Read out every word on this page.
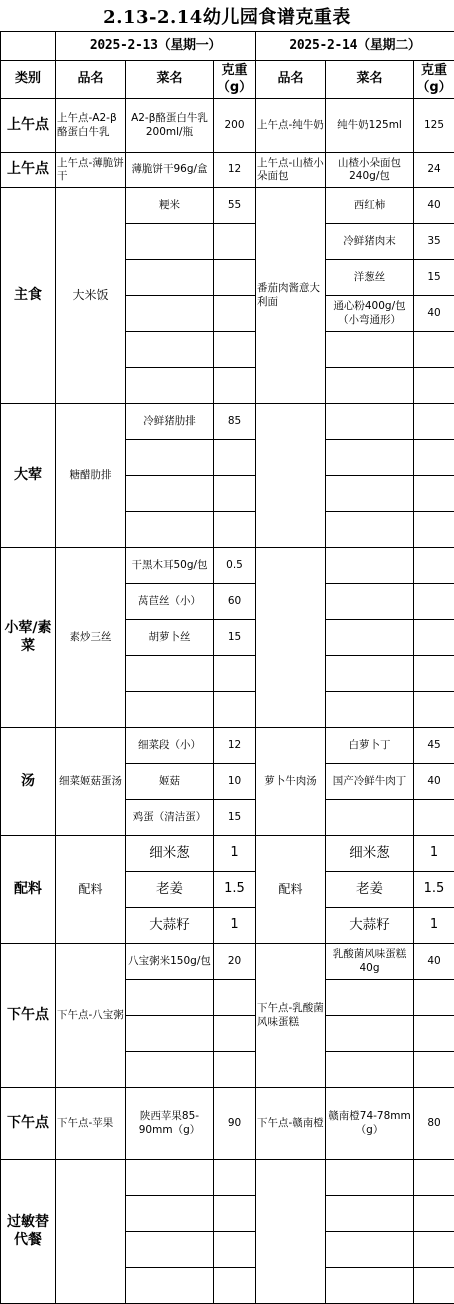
2.13-2.14幼儿园食谱克重表
	2025-2-13（星期一）			2025-2-14（星期二）		
类别	品名	菜名	克重（g）	品名	菜名	克重（g）
上午点	上午点-A2-β酪蛋白牛乳	A2-β酪蛋白牛乳200ml/瓶	200	上午点-纯牛奶	纯牛奶125ml	125
上午点	上午点-薄脆饼干	薄脆饼干96g/盒	12	上午点-山楂小朵面包	山楂小朵面包240g/包	24
主食	大米饭	粳米	55	番茄肉酱意大利面	西红柿	40
					冷鲜猪肉末	35
					洋葱丝	15
					通心粉400g/包（小弯通形）	40

大荤	糖醋肋排	冷鲜猪肋排	85			

小荤/素菜	素炒三丝	干黑木耳50g/包	0.5			
		莴苣丝（小）	60			
		胡萝卜丝	15			

汤	细菜姬菇蛋汤	细菜段（小）	12	萝卜牛肉汤	白萝卜丁	45
		姬菇	10		国产冷鲜牛肉丁	40
		鸡蛋（清洁蛋）	15			
配料	配料	细米葱	1	配料	细米葱	1
		老姜	1.5		老姜	1.5
		大蒜籽	1		大蒜籽	1
下午点	下午点-八宝粥	八宝粥米150g/包	20	下午点-乳酸菌风味蛋糕	乳酸菌风味蛋糕40g	40

下午点	下午点-苹果	陕西苹果85-90mm（g）	90	下午点-赣南橙	赣南橙74-78mm（g）	80
过敏替代餐						
